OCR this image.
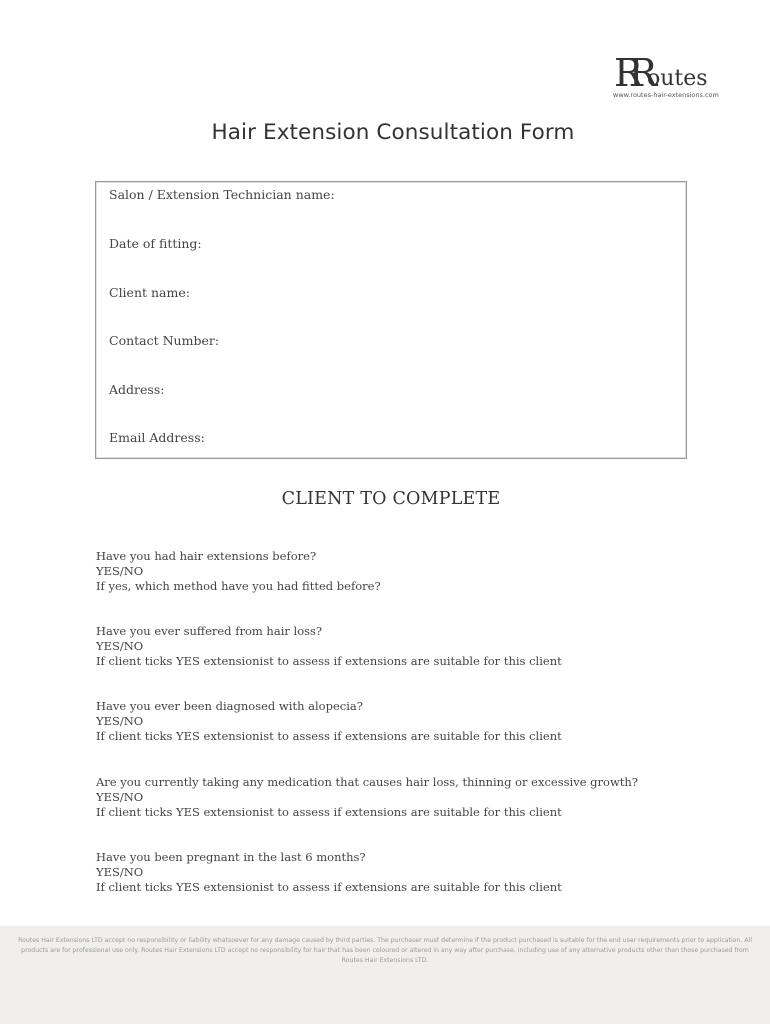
RR outes
www.routes-hair-extensions.com
Hair Extension Consultation Form
Salon / Extension Technician name:
Date of fitting:
Client name:
Contact Number:
Address:
Email Address:
CLIENT TO COMPLETE
Have you had hair extensions before?
YES/NO
If yes, which method have you had fitted before?
Have you ever suffered from hair loss?
YES/NO
If client ticks YES extensionist to assess if extensions are suitable for this client
Have you ever been diagnosed with alopecia?
YES/NO
If client ticks YES extensionist to assess if extensions are suitable for this client
Are you currently taking any medication that causes hair loss, thinning or excessive growth?
YES/NO
If client ticks YES extensionist to assess if extensions are suitable for this client
Have you been pregnant in the last 6 months?
YES/NO
If client ticks YES extensionist to assess if extensions are suitable for this client
Routes Hair Extensions LTD accept no responsibility or liability whatsoever for any damage caused by third parties. The purchaser must determine if the product purchased is suitable for the end user requirements prior to application. All
products are for professional use only. Routes Hair Extensions LTD accept no responsibility for hair that has been coloured or altered in any way after purchase, including use of any alternative products other than those purchased from
Routes Hair Extensions LTD.
